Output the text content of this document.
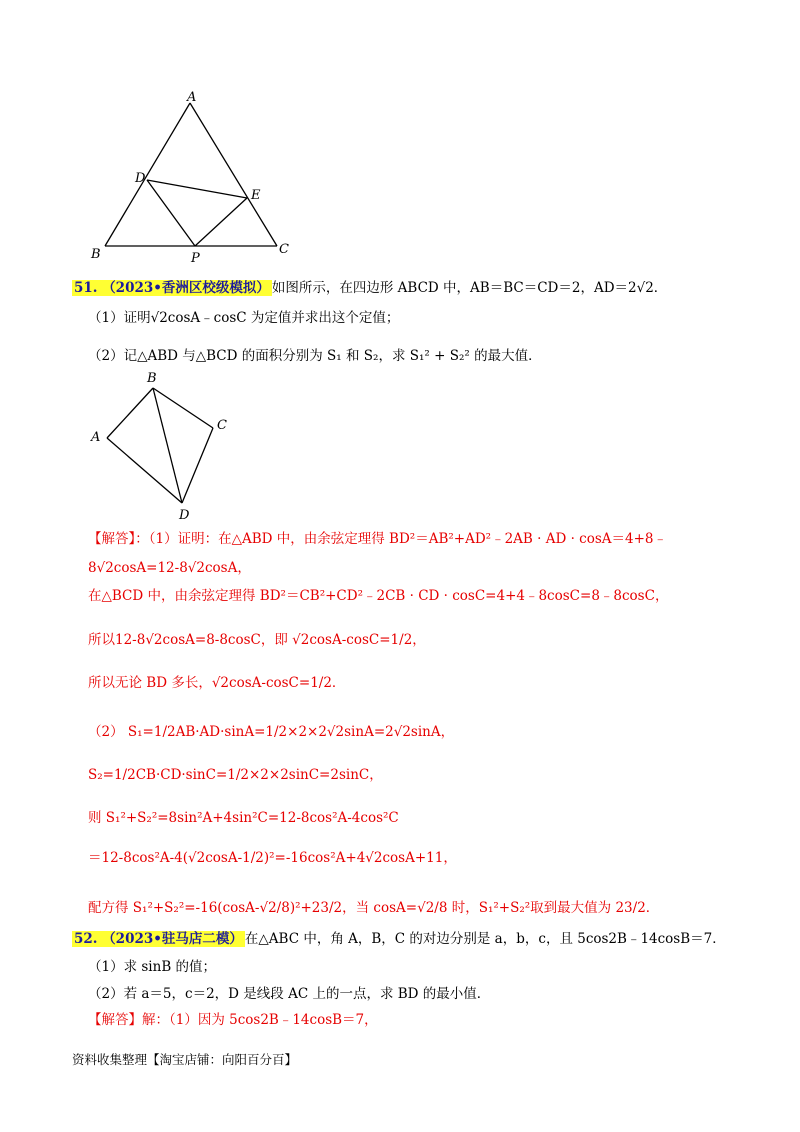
A
D
E
B	P
C
51. （2023•香洲区校级模拟） 如图所示，在四边形 ABCD 中，AB＝BC＝CD＝2，AD＝2√2．
（1）证明√2cosA﹣cosC 为定值并求出这个定值；
（2）记△ABD 与△BCD 的面积分别为 S₁ 和 S₂，求 S₁² + S₂² 的最大值．
B
A
C
D
【解答】：（1）证明：在△ABD 中，由余弦定理得 BD²＝AB²+AD²﹣2AB · AD · cosA＝4+8﹣
8√2cosA=12-8√2cosA，
在△BCD 中，由余弦定理得 BD²＝CB²+CD²﹣2CB · CD · cosC=4+4﹣8cosC=8﹣8cosC，
所以12-8√2cosA=8-8cosC，即 √2cosA-cosC=1/2，
所以无论 BD 多长，√2cosA-cosC=1/2．
（2） S₁=1/2AB·AD·sinA=1/2×2×2√2sinA=2√2sinA，
S₂=1/2CB·CD·sinC=1/2×2×2sinC=2sinC，
则 S₁²+S₂²=8sin²A+4sin²C=12-8cos²A-4cos²C
＝12-8cos²A-4(√2cosA-1/2)²=-16cos²A+4√2cosA+11，
配方得 S₁²+S₂²=-16(cosA-√2/8)²+23/2，当 cosA=√2/8 时，S₁²+S₂²取到最大值为 23/2．
52. （2023•驻马店二模） 在△ABC 中，角 A，B，C 的对边分别是 a，b，c，且 5cos2B﹣14cosB＝7．
（1）求 sinB 的值；
（2）若 a＝5，c＝2，D 是线段 AC 上的一点，求 BD 的最小值．
【解答】解：（1）因为 5cos2B﹣14cosB＝7，
资料收集整理【淘宝店铺：向阳百分百】
